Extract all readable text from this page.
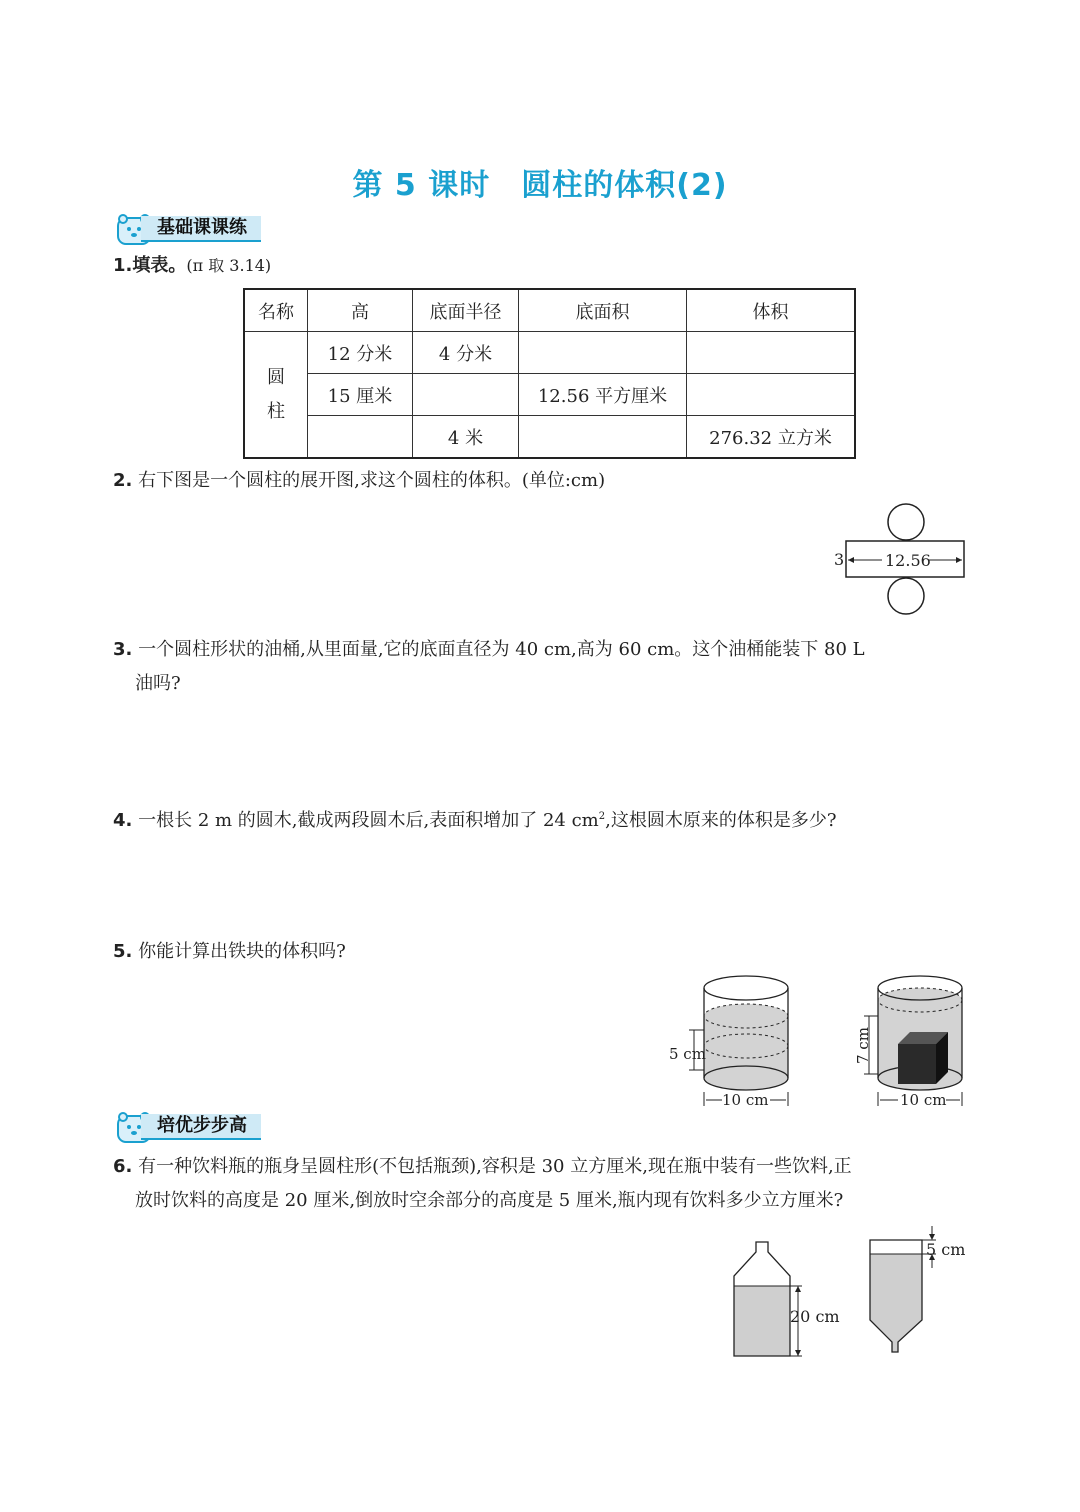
第 5 课时　圆柱的体积(2)
基础课课练
1.填表。(π 取 3.14)
名称	高	底面半径	底面积	体积
圆
柱	12 分米	4 分米		
	15 厘米		12.56 平方厘米	
		4 米		276.32 立方米
2. 右下图是一个圆柱的展开图,求这个圆柱的体积。(单位:cm)
3	12.56
3. 一个圆柱形状的油桶,从里面量,它的底面直径为 40 cm,高为 60 cm。这个油桶能装下 80 L
油吗?
4. 一根长 2 m 的圆木,截成两段圆木后,表面积增加了 24 $cm^2$,这根圆木原来的体积是多少?
5. 你能计算出铁块的体积吗?
5 cm
10 cm
7 cm
10 cm
培优步步高
6. 有一种饮料瓶的瓶身呈圆柱形(不包括瓶颈),容积是 30 立方厘米,现在瓶中装有一些饮料,正
放时饮料的高度是 20 厘米,倒放时空余部分的高度是 5 厘米,瓶内现有饮料多少立方厘米?
20 cm
5 cm
